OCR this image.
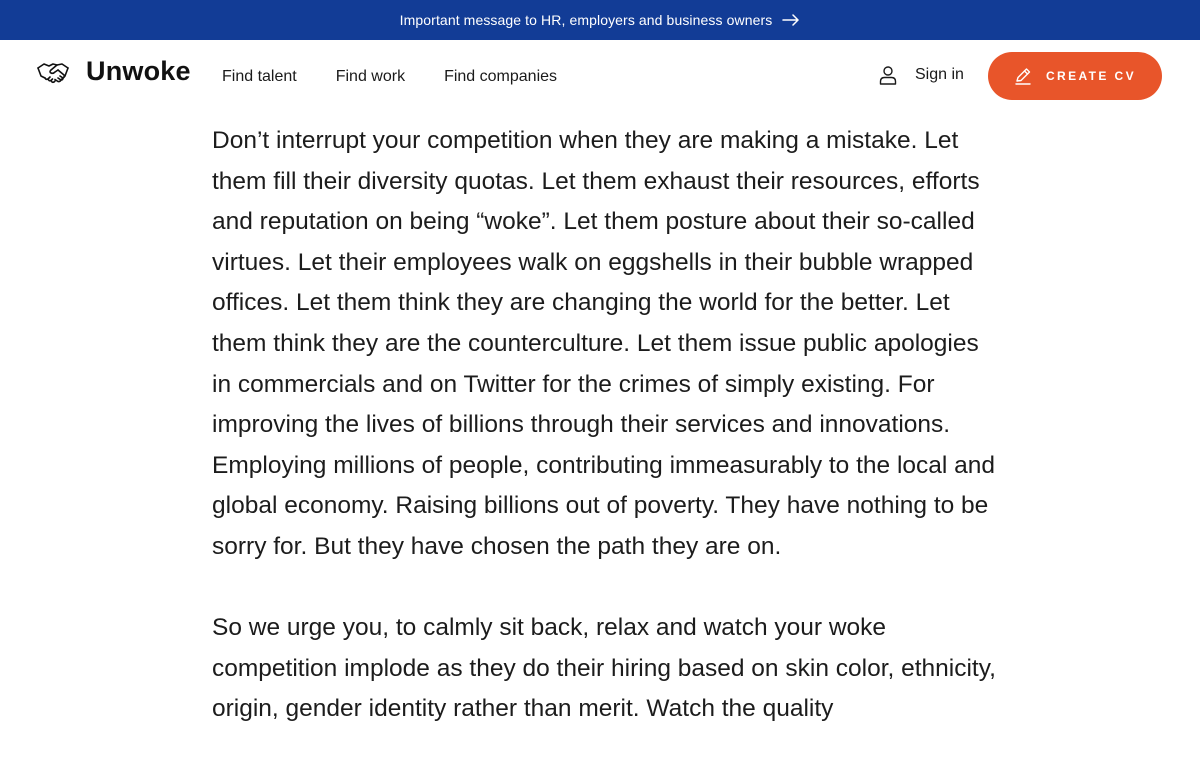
Important message to HR, employers and business owners
Unwoke Find talent Find work Find companies	Sign in	CREATE CV

Don’t interrupt your competition when they are making a mistake. Let them fill their diversity quotas. Let them exhaust their resources, efforts and reputation on being “woke”. Let them posture about their so-called virtues. Let their employees walk on eggshells in their bubble wrapped offices. Let them think they are changing the world for the better. Let them think they are the counterculture. Let them issue public apologies in commercials and on Twitter for the crimes of simply existing. For improving the lives of billions through their services and innovations. Employing millions of people, contributing immeasurably to the local and global economy. Raising billions out of poverty. They have nothing to be sorry for. But they have chosen the path they are on.

So we urge you, to calmly sit back, relax and watch your woke competition implode as they do their hiring based on skin color, ethnicity, origin, gender identity rather than merit. Watch the quality
